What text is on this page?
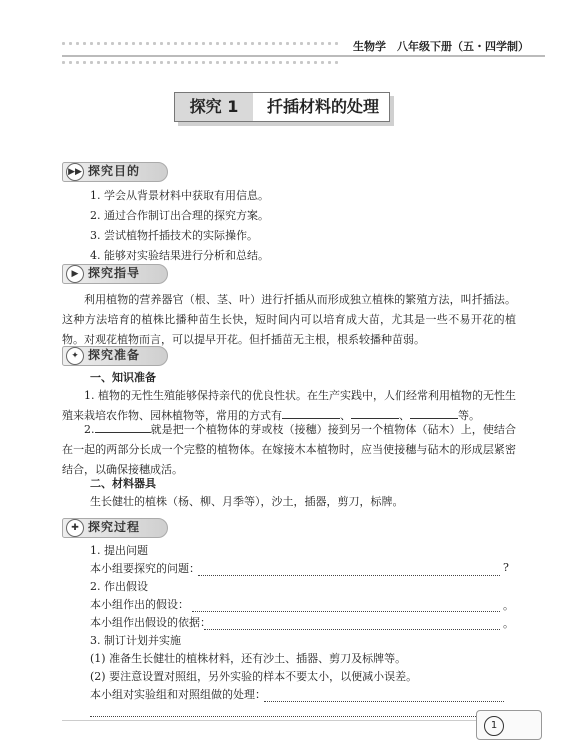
生物学　八年级下册（五・四学制）
探究 1	扦插材料的处理
▶▶ 探究目的
1. 学会从背景材料中获取有用信息。
2. 通过合作制订出合理的探究方案。
3. 尝试植物扦插技术的实际操作。
4. 能够对实验结果进行分析和总结。
▶ 探究指导
利用植物的营养器官（根、茎、叶）进行扦插从而形成独立植株的繁殖方法，叫扦插法。这种方法培育的植株比播种苗生长快，短时间内可以培育成大苗，尤其是一些不易开花的植物。对观花植物而言，可以提早开花。但扦插苗无主根，根系较播种苗弱。
✦ 探究准备
一、知识准备
1. 植物的无性生殖能够保持亲代的优良性状。在生产实践中，人们经常利用植物的无性生殖来栽培农作物、园林植物等，常用的方式有	、	、	等。
2.	就是把一个植物体的芽或枝（接穗）接到另一个植物体（砧木）上，使结合在一起的两部分长成一个完整的植物体。在嫁接木本植物时，应当使接穗与砧木的形成层紧密结合，以确保接穗成活。
二、材料器具
生长健壮的植株（杨、柳、月季等），沙土，插器，剪刀，标牌。
✚ 探究过程
1. 提出问题
本小组要探究的问题：	?
2. 作出假设
本小组作出的假设：	。
本小组作出假设的依据：	。
3. 制订计划并实施
(1) 准备生长健壮的植株材料，还有沙土、插器、剪刀及标牌等。
(2) 要注意设置对照组，另外实验的样本不要太小，以便减小误差。
本小组对实验组和对照组做的处理：
1
